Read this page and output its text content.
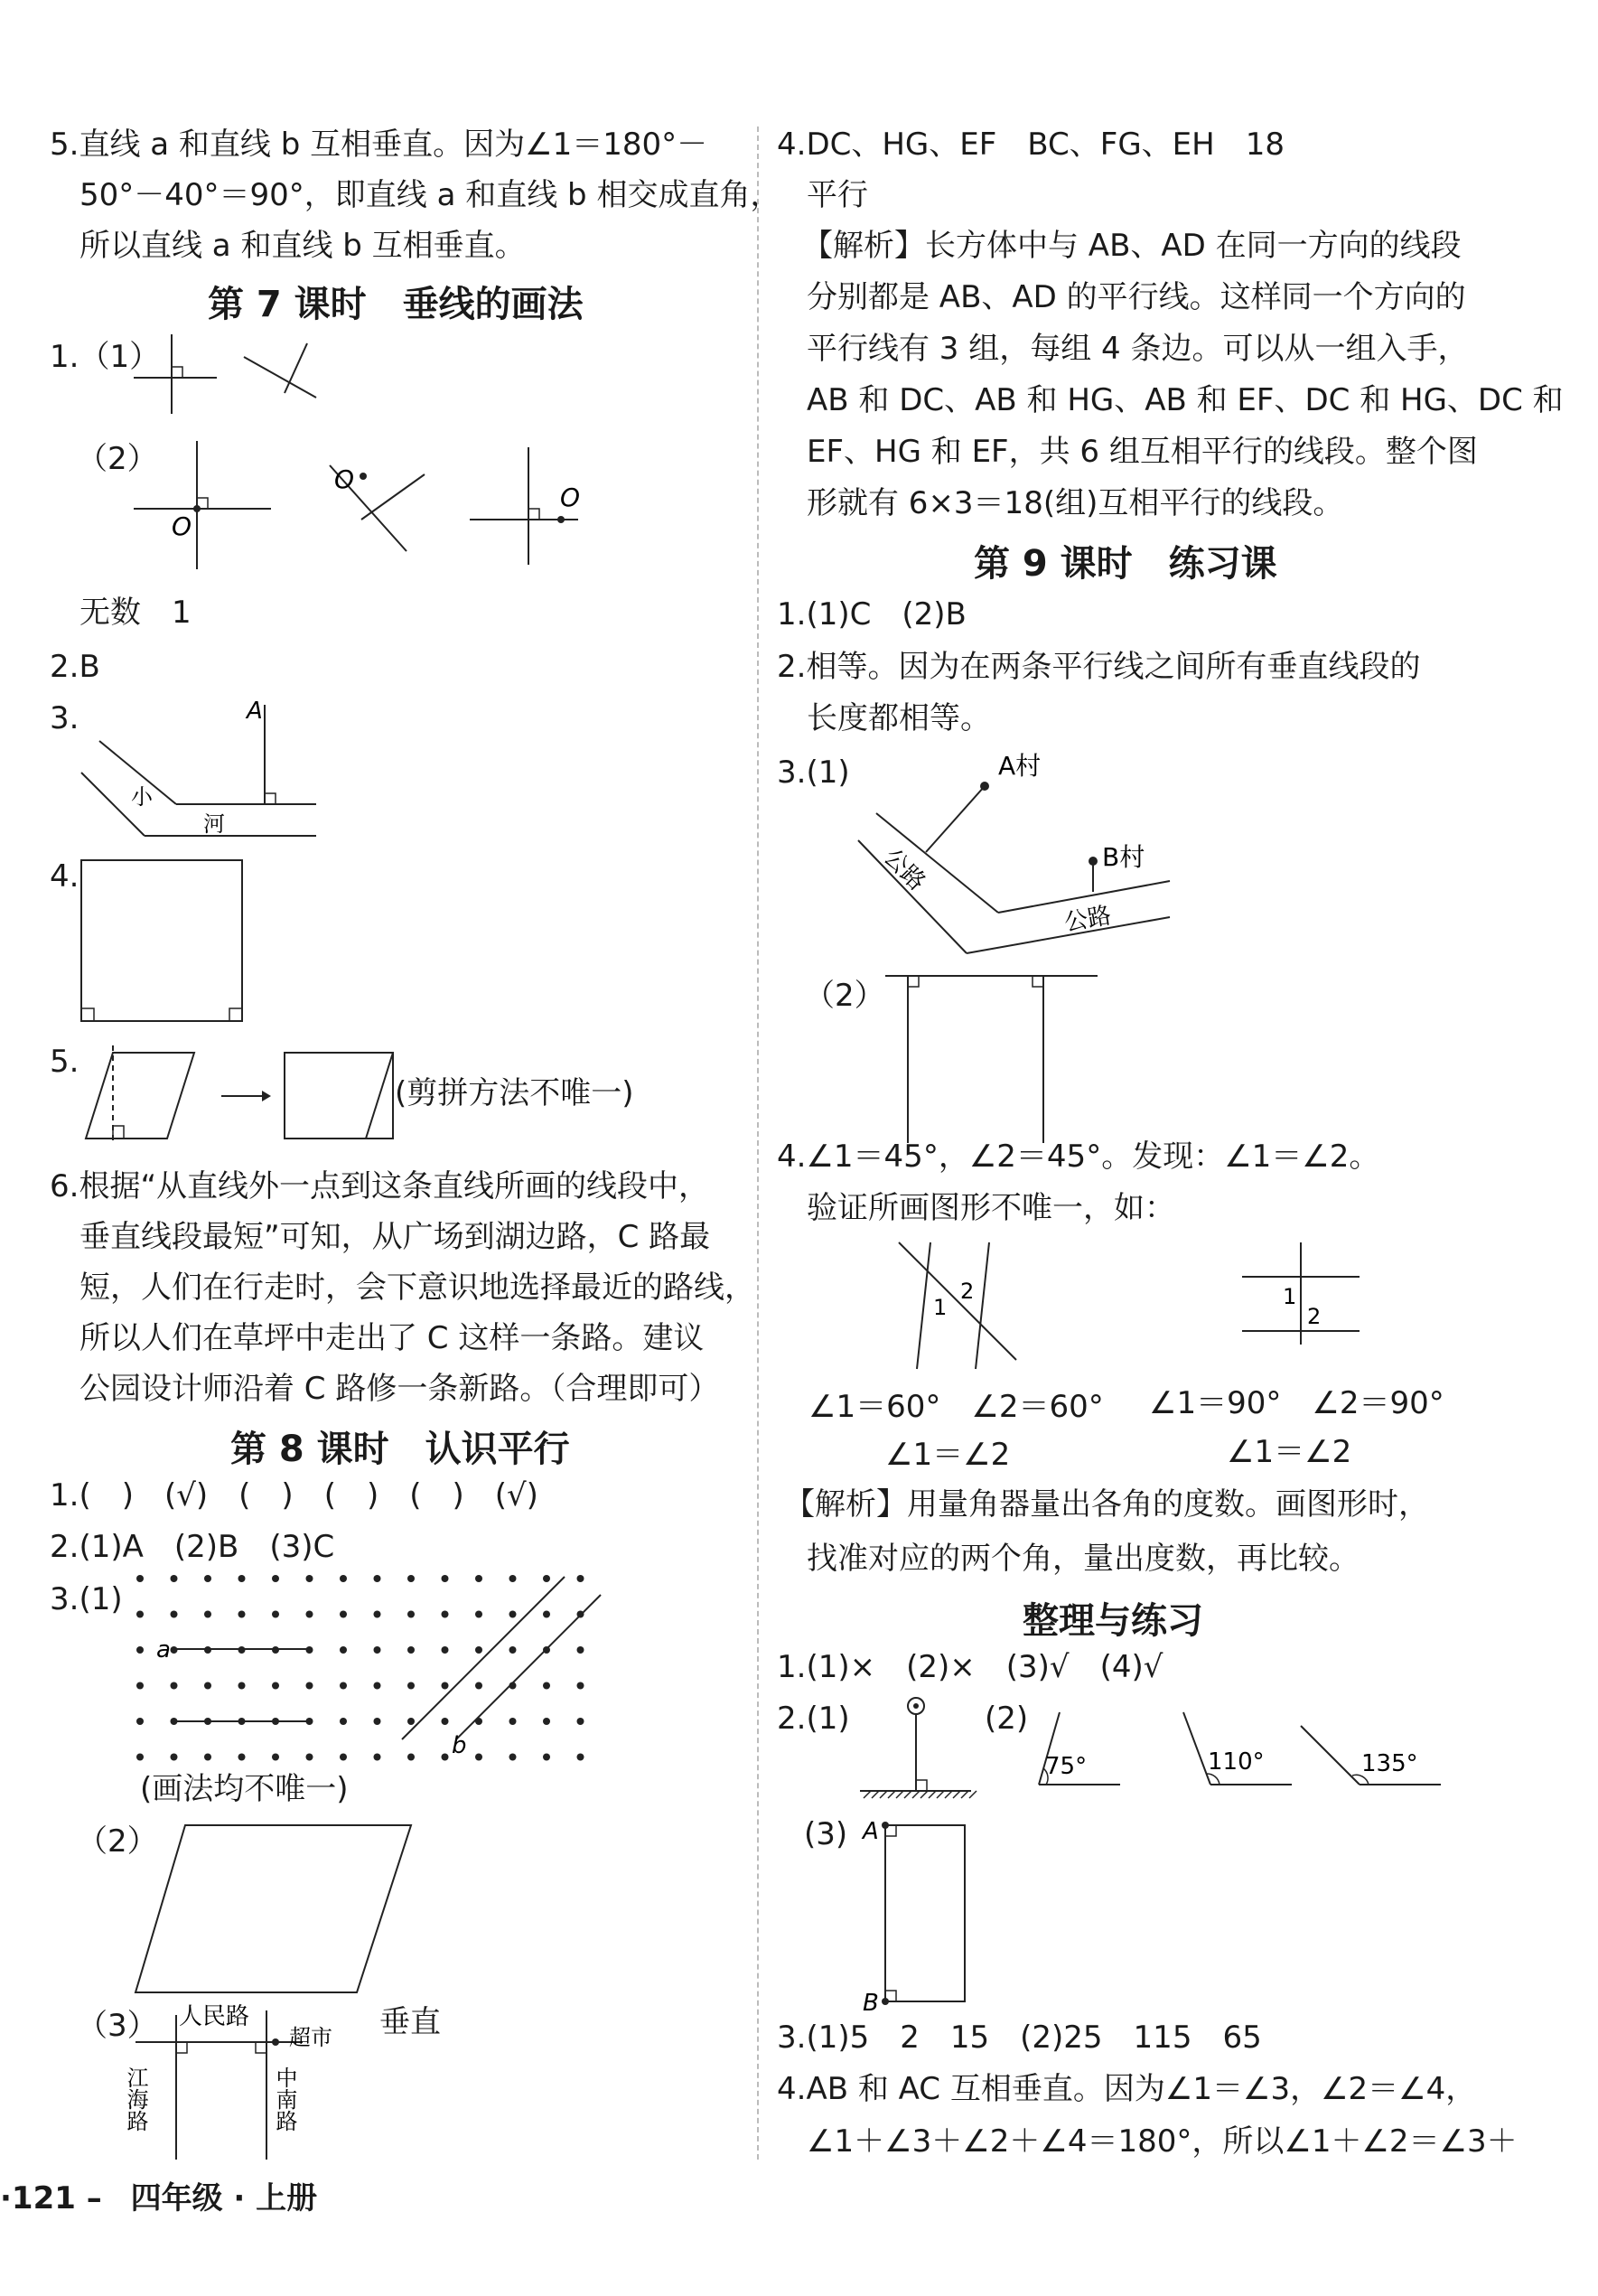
5.直线 a 和直线 b 互相垂直。因为∠1＝180°－
50°－40°＝90°，即直线 a 和直线 b 相交成直角，
所以直线 a 和直线 b 互相垂直。
第 7 课时　垂线的画法
1.（1）
（2）
O
O
O
无数　1
2.B
3.	A
小
河
4.
5.
(剪拼方法不唯一)
6.根据“从直线外一点到这条直线所画的线段中，
垂直线段最短”可知，从广场到湖边路，C 路最
短，人们在行走时，会下意识地选择最近的路线，
所以人们在草坪中走出了 C 这样一条路。建议
公园设计师沿着 C 路修一条新路。（合理即可）
第 8 课时　认识平行
1.(　)　(√)　(　)　(　)　(　)　(√)
2.(1)A　(2)B　(3)C
3.(1)
a
b
(画法均不唯一)
（2）
（3） 人民路
超市
江海路	中南路
垂直
4.DC、HG、EF　BC、FG、EH　18
平行
【解析】长方体中与 AB、AD 在同一方向的线段
分别都是 AB、AD 的平行线。这样同一个方向的
平行线有 3 组，每组 4 条边。可以从一组入手，
AB 和 DC、AB 和 HG、AB 和 EF、DC 和 HG、DC 和
EF、HG 和 EF，共 6 组互相平行的线段。整个图
形就有 6×3＝18(组)互相平行的线段。
第 9 课时　练习课
1.(1)C　(2)B
2.相等。因为在两条平行线之间所有垂直线段的
长度都相等。
3.(1)	A村
B村
公路
公路
（2）
4.∠1＝45°，∠2＝45°。发现：∠1＝∠2。
验证所画图形不唯一，如：
1
2	1
2
∠1＝60°　∠2＝60°
∠1＝∠2
∠1＝90°　∠2＝90°
∠1＝∠2
【解析】用量角器量出各角的度数。画图形时，
找准对应的两个角，量出度数，再比较。
整理与练习
1.(1)×　(2)×　(3)√　(4)√
2.(1)	(2)
75°	110°	135°
(3) A
B
3.(1)5　2　15　(2)25　115　65
4.AB 和 AC 互相垂直。因为∠1＝∠3，∠2＝∠4，
∠1＋∠3＋∠2＋∠4＝180°，所以∠1＋∠2＝∠3＋
·121 – 四年级 · 上册
